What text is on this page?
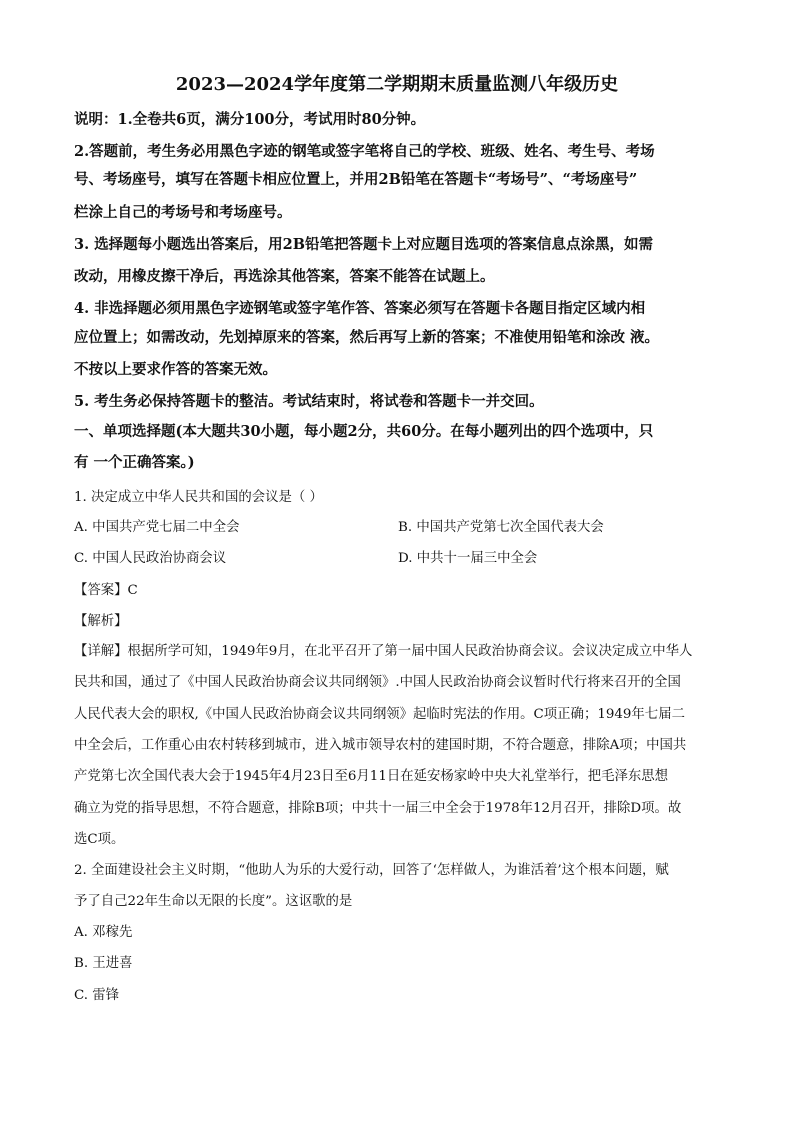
2023—2024学年度第二学期期末质量监测八年级历史
说明：1.全卷共6页，满分100分，考试用时80分钟。
2.答题前，考生务必用黑色字迹的钢笔或签字笔将自己的学校、班级、姓名、考生号、考场
号、考场座号，填写在答题卡相应位置上，并用2B铅笔在答题卡“考场号”、“考场座号”
栏涂上自己的考场号和考场座号。
3. 选择题每小题选出答案后，用2B铅笔把答题卡上对应题目选项的答案信息点涂黑，如需
改动，用橡皮擦干净后，再选涂其他答案，答案不能答在试题上。
4. 非选择题必须用黑色字迹钢笔或签字笔作答、答案必须写在答题卡各题目指定区域内相
应位置上；如需改动，先划掉原来的答案，然后再写上新的答案；不准使用铅笔和涂改 液。
不按以上要求作答的答案无效。
5. 考生务必保持答题卡的整洁。考试结束时，将试卷和答题卡一并交回。
一、单项选择题(本大题共30小题，每小题2分，共60分。在每小题列出的四个选项中，只
有 一个正确答案。)
1. 决定成立中华人民共和国的会议是（ ）
A. 中国共产党七届二中全会	B. 中国共产党第七次全国代表大会
C. 中国人民政治协商会议	D. 中共十一届三中全会
【答案】C
【解析】
【详解】根据所学可知，1949年9月，在北平召开了第一届中国人民政治协商会议。会议决定成立中华人
民共和国，通过了《中国人民政治协商会议共同纲领》.中国人民政治协商会议暂时代行将来召开的全国
人民代表大会的职权,《中国人民政治协商会议共同纲领》起临时宪法的作用。C项正确；1949年七届二
中全会后，工作重心由农村转移到城市，进入城市领导农村的建国时期，不符合题意，排除A项；中国共
产党第七次全国代表大会于1945年4月23日至6月11日在延安杨家岭中央大礼堂举行，把毛泽东思想
确立为党的指导思想，不符合题意，排除B项；中共十一届三中全会于1978年12月召开，排除D项。故
选C项。
2. 全面建设社会主义时期，“他助人为乐的大爱行动，回答了‘怎样做人，为谁活着’这个根本问题，赋
予了自己22年生命以无限的长度”。这讴歌的是
A. 邓稼先
B. 王进喜
C. 雷锋
